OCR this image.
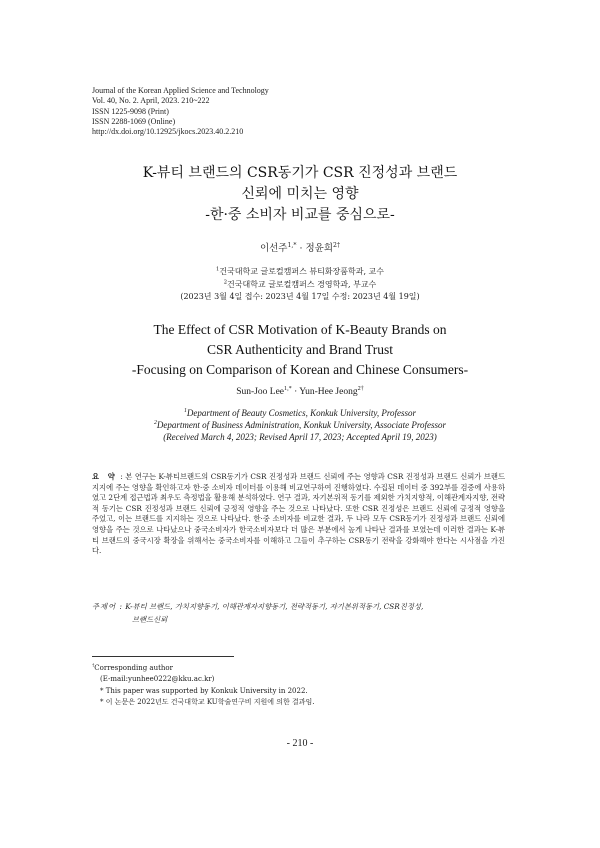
Journal of the Korean Applied Science and Technology
Vol. 40, No. 2. April, 2023. 210~222
ISSN 1225-9098 (Print)
ISSN 2288-1069 (Online)
http://dx.doi.org/10.12925/jkocs.2023.40.2.210
K-뷰티 브랜드의 CSR동기가 CSR 진정성과 브랜드
신뢰에 미치는 영향
-한·중 소비자 비교를 중심으로-
이선주$^{1,*}$ · 정윤희$^{2\dagger}$
$^1$건국대학교 글로컬캠퍼스 뷰티화장품학과, 교수
$^2$건국대학교 글로컬캠퍼스 경영학과, 부교수
(2023년 3월 4일 접수: 2023년 4월 17일 수정: 2023년 4월 19일)
The Effect of CSR Motivation of K-Beauty Brands on
CSR Authenticity and Brand Trust
-Focusing on Comparison of Korean and Chinese Consumers-
Sun-Joo Lee$^{1,*}$ · Yun-Hee Jeong$^{2\dagger}$
$^1$Department of Beauty Cosmetics, Konkuk University, Professor
$^2$Department of Business Administration, Konkuk University, Associate Professor
(Received March 4, 2023; Revised April 17, 2023; Accepted April 19, 2023)
요 약 : 본 연구는 K-뷰티브랜드의 CSR동기가 CSR 진정성과 브랜드 신뢰에 주는 영향과 CSR 진정성과 브랜드 신뢰가 브랜드 지지에 주는 영향을 확인하고자 한·중 소비자 데이터를 이용해 비교연구하여 진행하였다. 수집된 데이터 중 392부를 검증에 사용하였고 2단계 접근법과 최우도 측정법을 활용해 분석하였다. 연구 결과, 자기본위적 동기를 제외한 가치지향적, 이해관계자지향, 전략적 동기는 CSR 진정성과 브랜드 신뢰에 긍정적 영향을 주는 것으로 나타났다. 또한 CSR 진정성은 브랜드 신뢰에 긍정적 영향을 주었고, 이는 브랜드를 지지하는 것으로 나타났다. 한·중 소비자를 비교한 결과, 두 나라 모두 CSR동기가 진정성과 브랜드 신뢰에 영향을 주는 것으로 나타났으나 중국소비자가 한국소비자보다 더 많은 부분에서 높게 나타난 결과를 보였는데 이러한 결과는 K-뷰티 브랜드의 중국시장 확장을 위해서는 중국소비자를 이해하고 그들이 추구하는 CSR동기 전략을 강화해야 한다는 시사점을 가진다.
주제어 : K-뷰티 브랜드, 가치지향동기, 이해관계자지향동기, 전략적동기, 자기본위적동기, CSR진정성,
브랜드신뢰
†Corresponding author
(E-mail:yunhee0222@kku.ac.kr)
* This paper was supported by Konkuk University in 2022.
* 이 논문은 2022년도 건국대학교 KU학술연구비 지원에 의한 결과임.
- 210 -
